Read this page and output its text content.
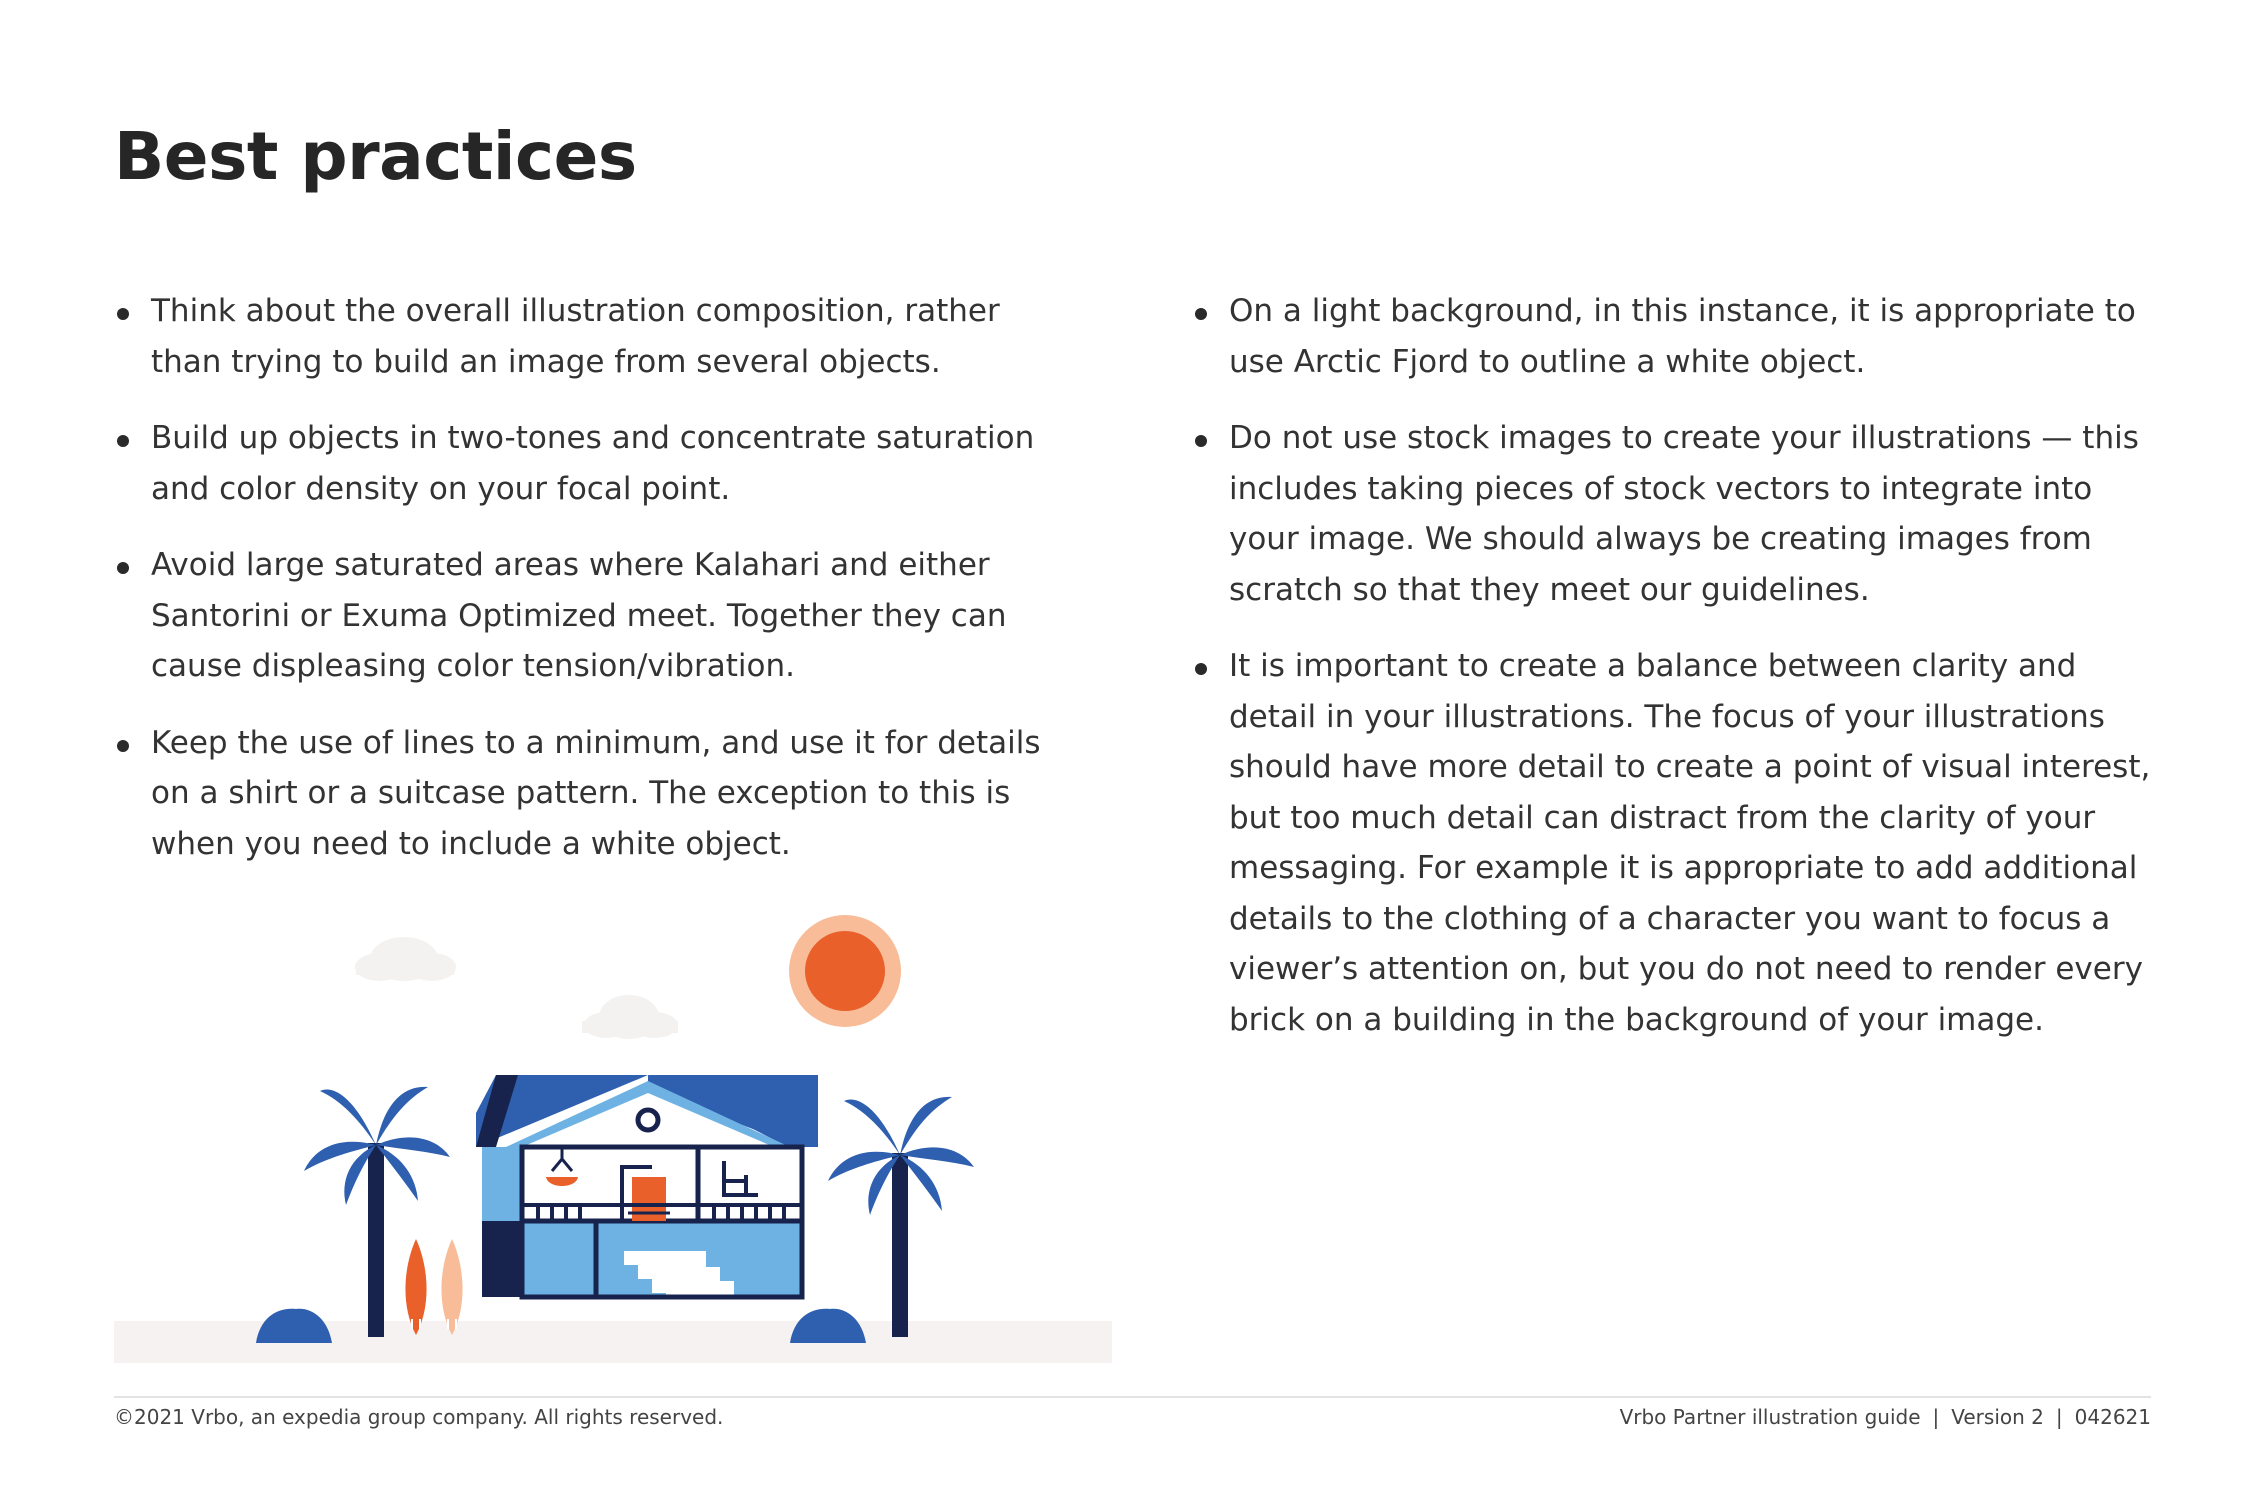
Best practices
Think about the overall illustration composition, rather than trying to build an image from several objects.
Build up objects in two-tones and concentrate saturation and color density on your focal point.
Avoid large saturated areas where Kalahari and either Santorini or Exuma Optimized meet. Together they can cause displeasing color tension/vibration.
Keep the use of lines to a minimum, and use it for details on a shirt or a suitcase pattern. The exception to this is when you need to include a white object.
On a light background, in this instance, it is appropriate to use Arctic Fjord to outline a white object.
Do not use stock images to create your illustrations — this includes taking pieces of stock vectors to integrate into your image. We should always be creating images from scratch so that they meet our guidelines.
It is important to create a balance between clarity and detail in your illustrations. The focus of your illustrations should have more detail to create a point of visual interest, but too much detail can distract from the clarity of your messaging. For example it is appropriate to add additional details to the clothing of a character you want to focus a viewer’s attention on, but you do not need to render every brick on a building in the background of your image.
©2021 Vrbo, an expedia group company. All rights reserved.	Vrbo Partner illustration guide | Version 2 | 042621
